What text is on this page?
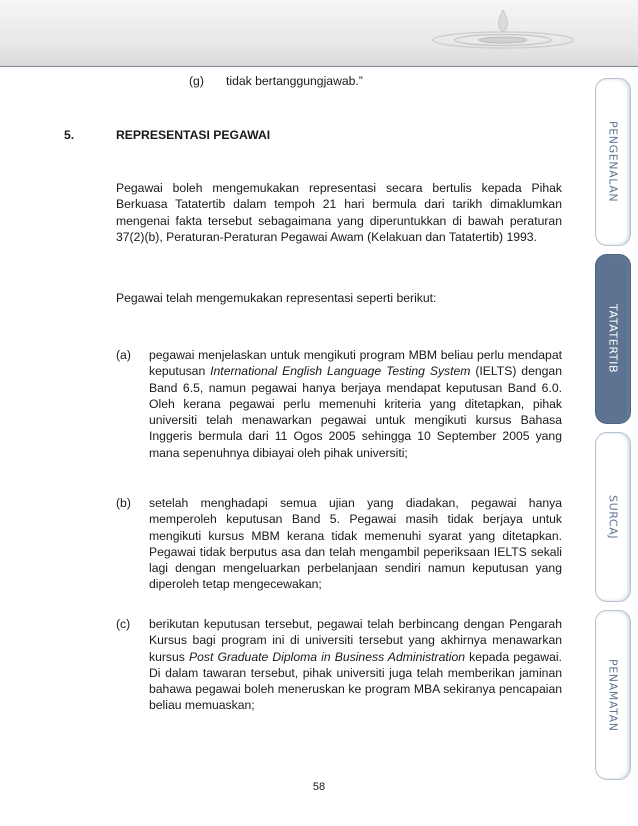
(g) tidak bertanggungjawab.”
5.	REPRESENTASI PEGAWAI
Pegawai boleh mengemukakan representasi secara bertulis kepada Pihak Berkuasa Tatatertib dalam tempoh 21 hari bermula dari tarikh dimaklumkan mengenai fakta tersebut sebagaimana yang diperuntukkan di bawah peraturan 37(2)(b), Peraturan-Peraturan Pegawai Awam (Kelakuan dan Tatatertib) 1993.
Pegawai telah mengemukakan representasi seperti berikut:
(a) pegawai menjelaskan untuk mengikuti program MBM beliau perlu mendapat keputusan International English Language Testing System (IELTS) dengan Band 6.5, namun pegawai hanya berjaya mendapat keputusan Band 6.0. Oleh kerana pegawai perlu memenuhi kriteria yang ditetapkan, pihak universiti telah menawarkan pegawai untuk mengikuti kursus Bahasa Inggeris bermula dari 11 Ogos 2005 sehingga 10 September 2005 yang mana sepenuhnya dibiayai oleh pihak universiti;
(b) setelah menghadapi semua ujian yang diadakan, pegawai hanya memperoleh keputusan Band 5. Pegawai masih tidak berjaya untuk mengikuti kursus MBM kerana tidak memenuhi syarat yang ditetapkan. Pegawai tidak berputus asa dan telah mengambil peperiksaan IELTS sekali lagi dengan mengeluarkan perbelanjaan sendiri namun keputusan yang diperoleh tetap mengecewakan;
(c) berikutan keputusan tersebut, pegawai telah berbincang dengan Pengarah Kursus bagi program ini di universiti tersebut yang akhirnya menawarkan kursus Post Graduate Diploma in Business Administration kepada pegawai. Di dalam tawaran tersebut, pihak universiti juga telah memberikan jaminan bahawa pegawai boleh meneruskan ke program MBA sekiranya pencapaian beliau memuaskan;
PENGENALAN
TATATERTIB
SURCAJ
PENAMATAN
58
